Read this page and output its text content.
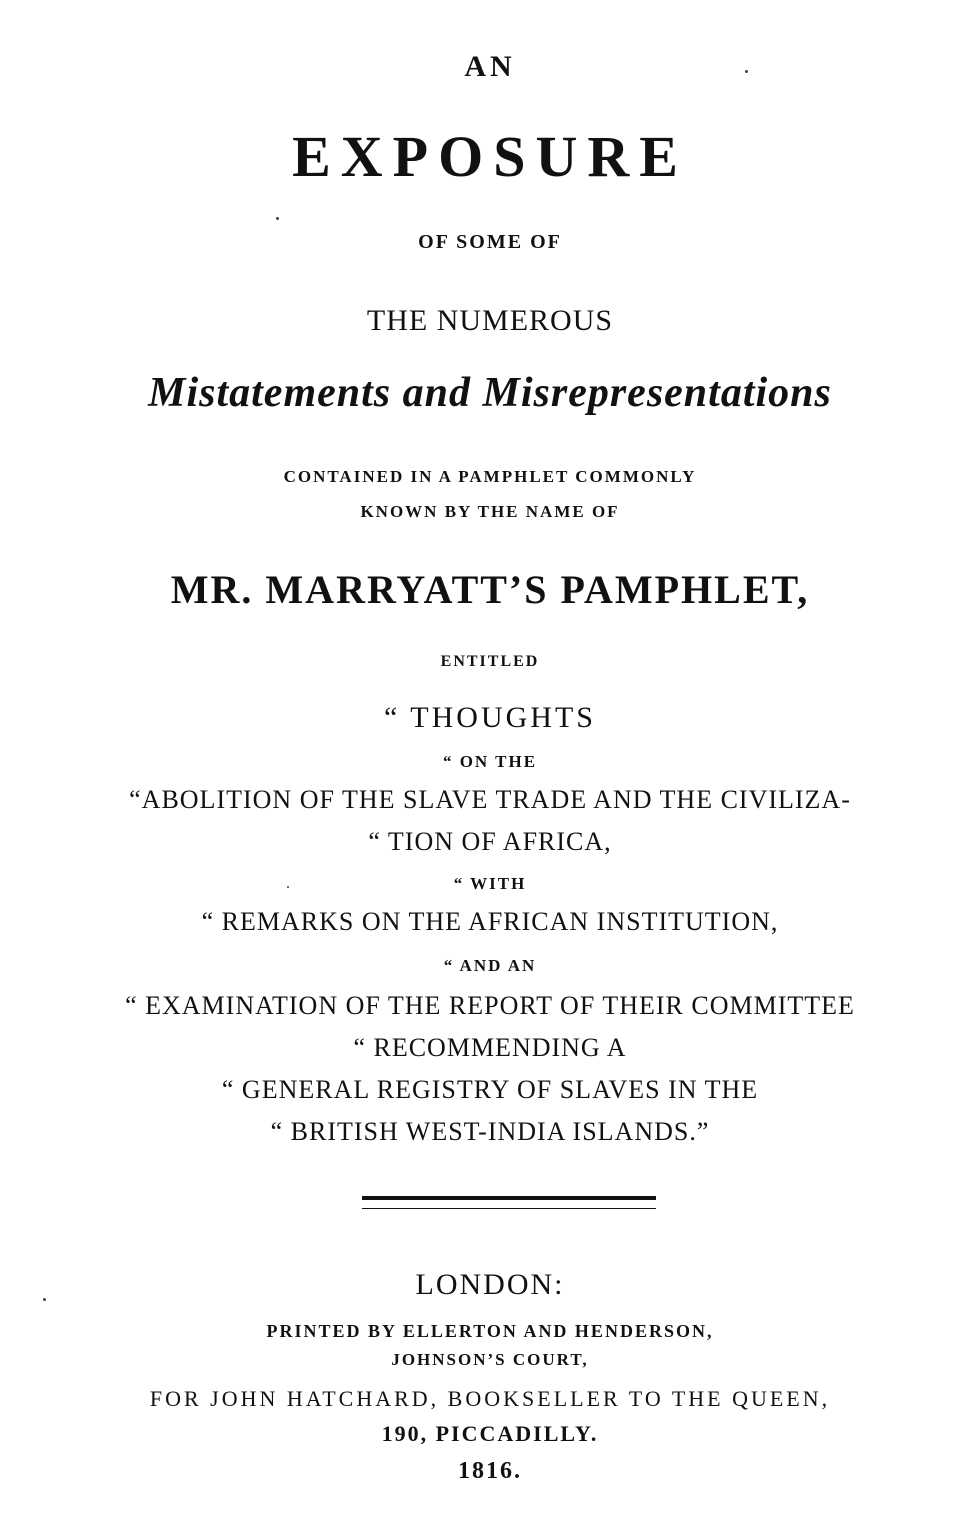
AN
EXPOSURE
OF SOME OF
THE NUMEROUS
Mistatements and Misrepresentations
CONTAINED IN A PAMPHLET COMMONLY
KNOWN BY THE NAME OF
MR. MARRYATT’S PAMPHLET,
ENTITLED
“ THOUGHTS
“ ON THE
“ABOLITION OF THE SLAVE TRADE AND THE CIVILIZA-
“ TION OF AFRICA,
“ WITH
“ REMARKS ON THE AFRICAN INSTITUTION,
“ AND AN
“ EXAMINATION OF THE REPORT OF THEIR COMMITTEE
“ RECOMMENDING A
“ GENERAL REGISTRY OF SLAVES IN THE
“ BRITISH WEST-INDIA ISLANDS.”
LONDON:
PRINTED BY ELLERTON AND HENDERSON,
JOHNSON’S COURT,
FOR JOHN HATCHARD, BOOKSELLER TO THE QUEEN,
190, PICCADILLY.
1816.
